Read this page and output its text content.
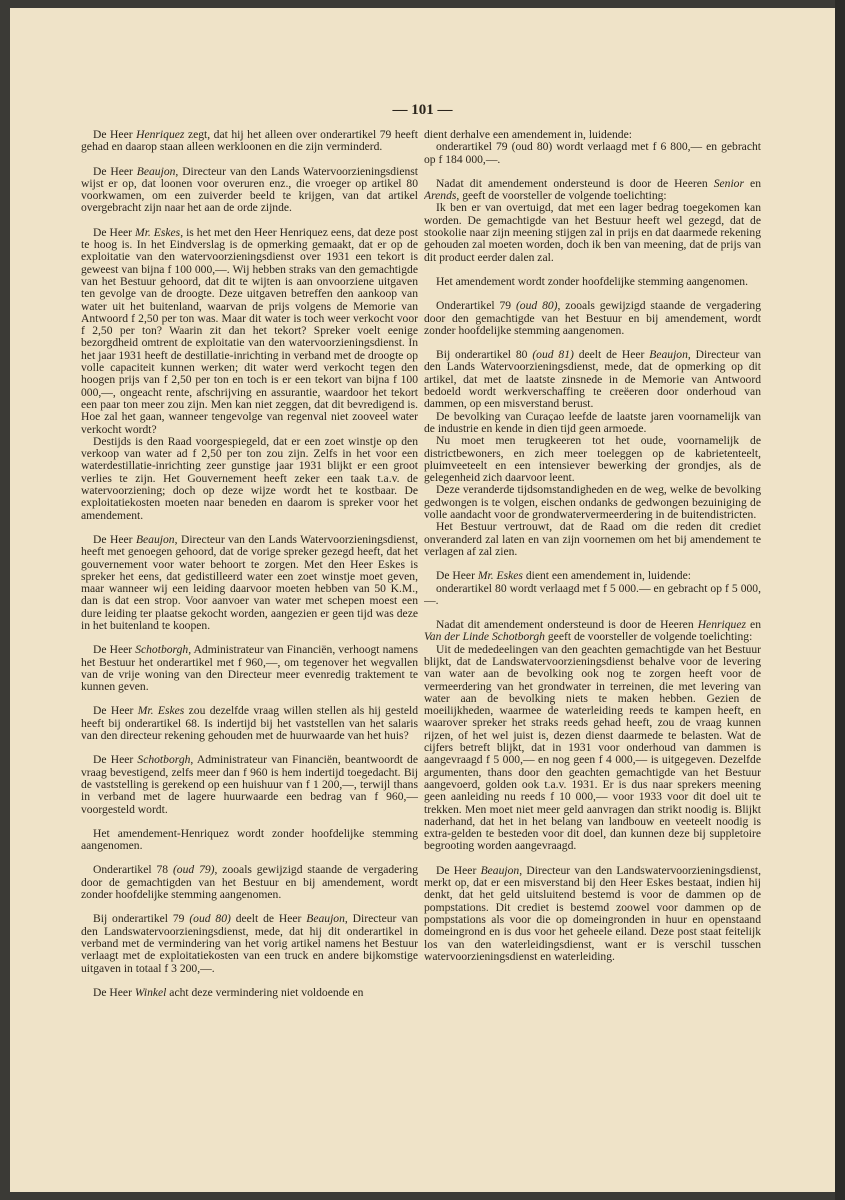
— 101 —

De Heer Henriquez zegt, dat hij het alleen over onderartikel 79 heeft gehad en daarop staan alleen werkloonen en die zijn verminderd.

De Heer Beaujon, Directeur van den Lands Watervoorzieningsdienst wijst er op, dat loonen voor overuren enz., die vroeger op artikel 80 voorkwamen, om een zuiverder beeld te krijgen, van dat artikel overgebracht zijn naar het aan de orde zijnde.

De Heer Mr. Eskes, is het met den Heer Henriquez eens, dat deze post te hoog is. In het Eindverslag is de opmerking gemaakt, dat er op de exploitatie van den watervoorzieningsdienst over 1931 een tekort is geweest van bijna f 100 000,—. Wij hebben straks van den gemachtigde van het Bestuur gehoord, dat dit te wijten is aan onvoorziene uitgaven ten gevolge van de droogte. Deze uitgaven betreffen den aankoop van water uit het buitenland, waarvan de prijs volgens de Memorie van Antwoord f 2,50 per ton was. Maar dit water is toch weer verkocht voor f 2,50 per ton? Waarin zit dan het tekort? Spreker voelt eenige bezorgdheid omtrent de exploitatie van den watervoorzieningsdienst. In het jaar 1931 heeft de destillatie-inrichting in verband met de droogte op volle capaciteit kunnen werken; dit water werd verkocht tegen den hoogen prijs van f 2,50 per ton en toch is er een tekort van bijna f 100 000,—, ongeacht rente, afschrijving en assurantie, waardoor het tekort een paar ton meer zou zijn. Men kan niet zeggen, dat dit bevredigend is. Hoe zal het gaan, wanneer tengevolge van regenval niet zooveel water verkocht wordt?

Destijds is den Raad voorgespiegeld, dat er een zoet winstje op den verkoop van water ad f 2,50 per ton zou zijn. Zelfs in het voor een waterdestillatie-inrichting zeer gunstige jaar 1931 blijkt er een groot verlies te zijn. Het Gouvernement heeft zeker een taak t.a.v. de watervoorziening; doch op deze wijze wordt het te kostbaar. De exploitatiekosten moeten naar beneden en daarom is spreker voor het amendement.

De Heer Beaujon, Directeur van den Lands Watervoorzieningsdienst, heeft met genoegen gehoord, dat de vorige spreker gezegd heeft, dat het gouvernement voor water behoort te zorgen. Met den Heer Eskes is spreker het eens, dat gedistilleerd water een zoet winstje moet geven, maar wanneer wij een leiding daarvoor moeten hebben van 50 K.M., dan is dat een strop. Voor aanvoer van water met schepen moest een dure leiding ter plaatse gekocht worden, aangezien er geen tijd was deze in het buitenland te koopen.

De Heer Schotborgh, Administrateur van Financiën, verhoogt namens het Bestuur het onderartikel met f 960,—, om tegenover het wegvallen van de vrije woning van den Directeur meer evenredig traktement te kunnen geven.

De Heer Mr. Eskes zou dezelfde vraag willen stellen als hij gesteld heeft bij onderartikel 68. Is indertijd bij het vaststellen van het salaris van den directeur rekening gehouden met de huurwaarde van het huis?

De Heer Schotborgh, Administrateur van Financiën, beantwoordt de vraag bevestigend, zelfs meer dan f 960 is hem indertijd toegedacht. Bij de vaststelling is gerekend op een huishuur van f 1 200,—, terwijl thans in verband met de lagere huurwaarde een bedrag van f 960,— voorgesteld wordt.

Het amendement-Henriquez wordt zonder hoofdelijke stemming aangenomen.

Onderartikel 78 (oud 79), zooals gewijzigd staande de vergadering door de gemachtigden van het Bestuur en bij amendement, wordt zonder hoofdelijke stemming aangenomen.

Bij onderartikel 79 (oud 80) deelt de Heer Beaujon, Directeur van den Landswatervoorzieningsdienst, mede, dat hij dit onderartikel in verband met de vermindering van het vorig artikel namens het Bestuur verlaagt met de exploitatiekosten van een truck en andere bijkomstige uitgaven in totaal f 3 200,—.

De Heer Winkel acht deze vermindering niet voldoende en

dient derhalve een amendement in, luidende:

onderartikel 79 (oud 80) wordt verlaagd met f 6 800,— en gebracht op f 184 000,—.

Nadat dit amendement ondersteund is door de Heeren Senior en Arends, geeft de voorsteller de volgende toelichting:

Ik ben er van overtuigd, dat met een lager bedrag toegekomen kan worden. De gemachtigde van het Bestuur heeft wel gezegd, dat de stookolie naar zijn meening stijgen zal in prijs en dat daarmede rekening gehouden zal moeten worden, doch ik ben van meening, dat de prijs van dit product eerder dalen zal.

Het amendement wordt zonder hoofdelijke stemming aangenomen.

Onderartikel 79 (oud 80), zooals gewijzigd staande de vergadering door den gemachtigde van het Bestuur en bij amendement, wordt zonder hoofdelijke stemming aangenomen.

Bij onderartikel 80 (oud 81) deelt de Heer Beaujon, Directeur van den Lands Watervoorzieningsdienst, mede, dat de opmerking op dit artikel, dat met de laatste zinsnede in de Memorie van Antwoord bedoeld wordt werkverschaffing te creëeren door onderhoud van dammen, op een misverstand berust.

De bevolking van Curaçao leefde de laatste jaren voornamelijk van de industrie en kende in dien tijd geen armoede.

Nu moet men terugkeeren tot het oude, voornamelijk de districtbewoners, en zich meer toeleggen op de kabrietenteelt, pluimveeteelt en een intensiever bewerking der grondjes, als de gelegenheid zich daarvoor leent.

Deze veranderde tijdsomstandigheden en de weg, welke de bevolking gedwongen is te volgen, eischen ondanks de gedwongen bezuiniging de volle aandacht voor de grondwatervermeerdering in de buitendistricten.

Het Bestuur vertrouwt, dat de Raad om die reden dit crediet onveranderd zal laten en van zijn voornemen om het bij amendement te verlagen af zal zien.

De Heer Mr. Eskes dient een amendement in, luidende:

onderartikel 80 wordt verlaagd met f 5 000.— en gebracht op f 5 000,—.

Nadat dit amendement ondersteund is door de Heeren Henriquez en Van der Linde Schotborgh geeft de voorsteller de volgende toelichting:

Uit de mededeelingen van den geachten gemachtigde van het Bestuur blijkt, dat de Landswatervoorzieningsdienst behalve voor de levering van water aan de bevolking ook nog te zorgen heeft voor de vermeerdering van het grondwater in terreinen, die met levering van water aan de bevolking niets te maken hebben. Gezien de moeilijkheden, waarmee de waterleiding reeds te kampen heeft, en waarover spreker het straks reeds gehad heeft, zou de vraag kunnen rijzen, of het wel juist is, dezen dienst daarmede te belasten. Wat de cijfers betreft blijkt, dat in 1931 voor onderhoud van dammen is aangevraagd f 5 000,— en nog geen f 4 000,— is uitgegeven. Dezelfde argumenten, thans door den geachten gemachtigde van het Bestuur aangevoerd, golden ook t.a.v. 1931. Er is dus naar sprekers meening geen aanleiding nu reeds f 10 000,— voor 1933 voor dit doel uit te trekken. Men moet niet meer geld aanvragen dan strikt noodig is. Blijkt naderhand, dat het in het belang van landbouw en veeteelt noodig is extra-gelden te besteden voor dit doel, dan kunnen deze bij suppletoire begrooting worden aangevraagd.

De Heer Beaujon, Directeur van den Landswatervoorzieningsdienst, merkt op, dat er een misverstand bij den Heer Eskes bestaat, indien hij denkt, dat het geld uitsluitend bestemd is voor de dammen op de pompstations. Dit crediet is bestemd zoowel voor dammen op de pompstations als voor die op domeingronden in huur en openstaand domeingrond en is dus voor het geheele eiland. Deze post staat feitelijk los van den waterleidingsdienst, want er is verschil tusschen watervoorzieningsdienst en waterleiding.
